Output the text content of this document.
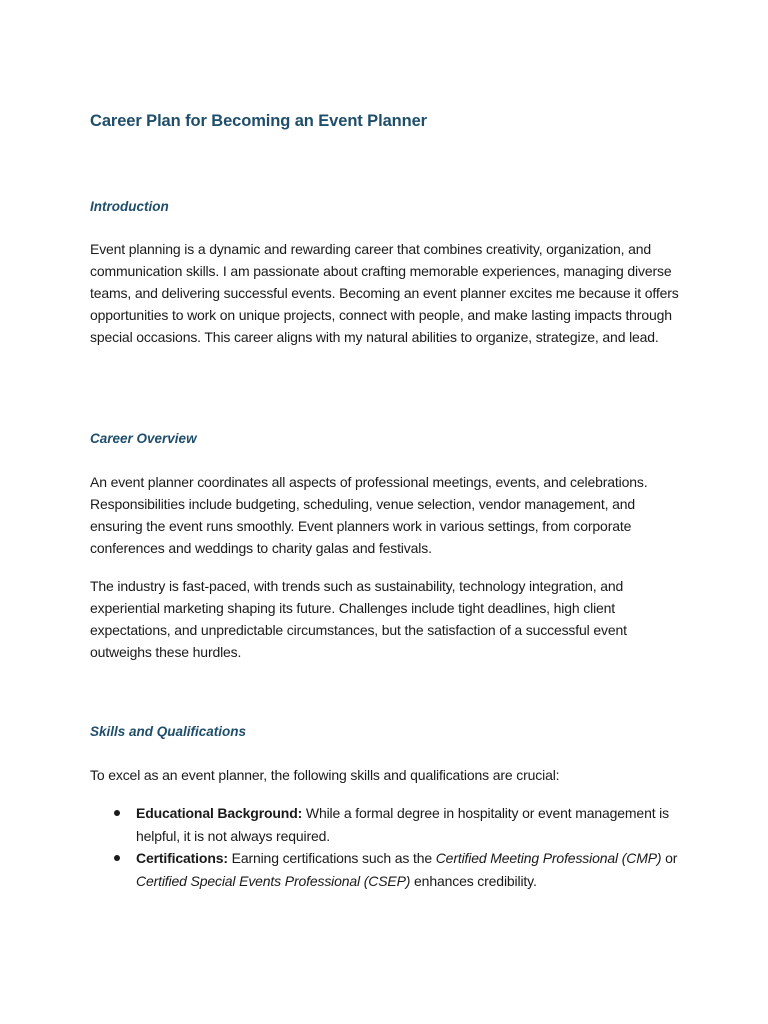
Career Plan for Becoming an Event Planner
Introduction

Event planning is a dynamic and rewarding career that combines creativity, organization, and communication skills. I am passionate about crafting memorable experiences, managing diverse teams, and delivering successful events. Becoming an event planner excites me because it offers opportunities to work on unique projects, connect with people, and make lasting impacts through special occasions. This career aligns with my natural abilities to organize, strategize, and lead.

Career Overview

An event planner coordinates all aspects of professional meetings, events, and celebrations. Responsibilities include budgeting, scheduling, venue selection, vendor management, and ensuring the event runs smoothly. Event planners work in various settings, from corporate conferences and weddings to charity galas and festivals.

The industry is fast-paced, with trends such as sustainability, technology integration, and experiential marketing shaping its future. Challenges include tight deadlines, high client expectations, and unpredictable circumstances, but the satisfaction of a successful event outweighs these hurdles.

Skills and Qualifications

To excel as an event planner, the following skills and qualifications are crucial:

Educational Background: While a formal degree in hospitality or event management is helpful, it is not always required.
Certifications: Earning certifications such as the Certified Meeting Professional (CMP) or Certified Special Events Professional (CSEP) enhances credibility.
